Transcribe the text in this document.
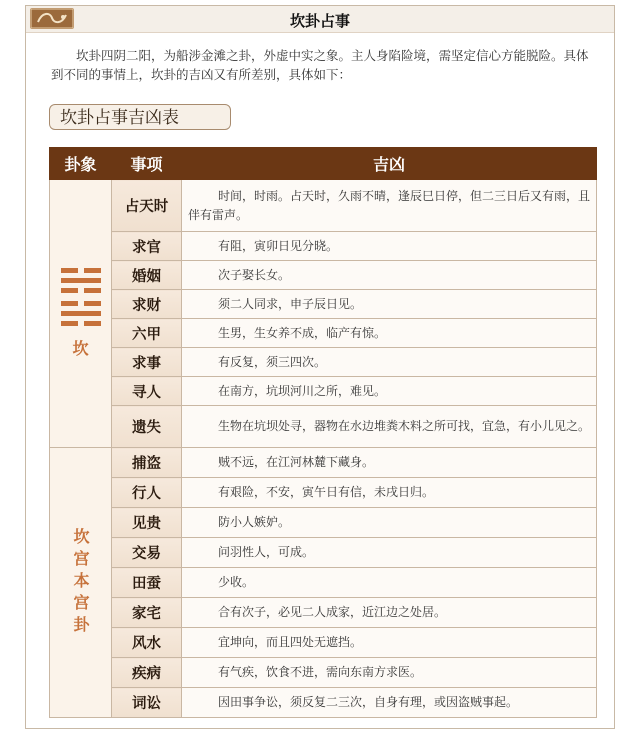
坎卦占事

坎卦四阴二阳，为船涉金滩之卦，外虚中实之象。主人身陷险境，需坚定信心方能脱险。具体到不同的事情上，坎卦的吉凶又有所差别，具体如下：

坎卦占事吉凶表
卦象	事项	吉凶

坎	占天时	时间，时雨。占天时，久雨不晴，逢辰巳日停，但二三日后又有雨，且伴有雷声。
	求官	有阻，寅卯日见分晓。
	婚姻	次子娶长女。
	求财	须二人同求，申子辰日见。
	六甲	生男，生女养不成，临产有惊。
	求事	有反复，须三四次。
	寻人	在南方，坑坝河川之所，难见。
	遗失	生物在坑坝处寻，器物在水边堆粪木料之所可找，宜急，有小儿见之。

坎宫本宫卦	捕盗	贼不远，在江河林麓下藏身。
	行人	有艰险，不安，寅午日有信，未戌日归。
	见贵	防小人嫉妒。
	交易	问羽性人，可成。
	田蚕	少收。
	家宅	合有次子，必见二人成家，近江边之处居。
	风水	宜坤向，而且四处无遮挡。
	疾病	有气疾，饮食不进，需向东南方求医。
	词讼	因田事争讼，须反复二三次，自身有理，或因盗贼事起。
